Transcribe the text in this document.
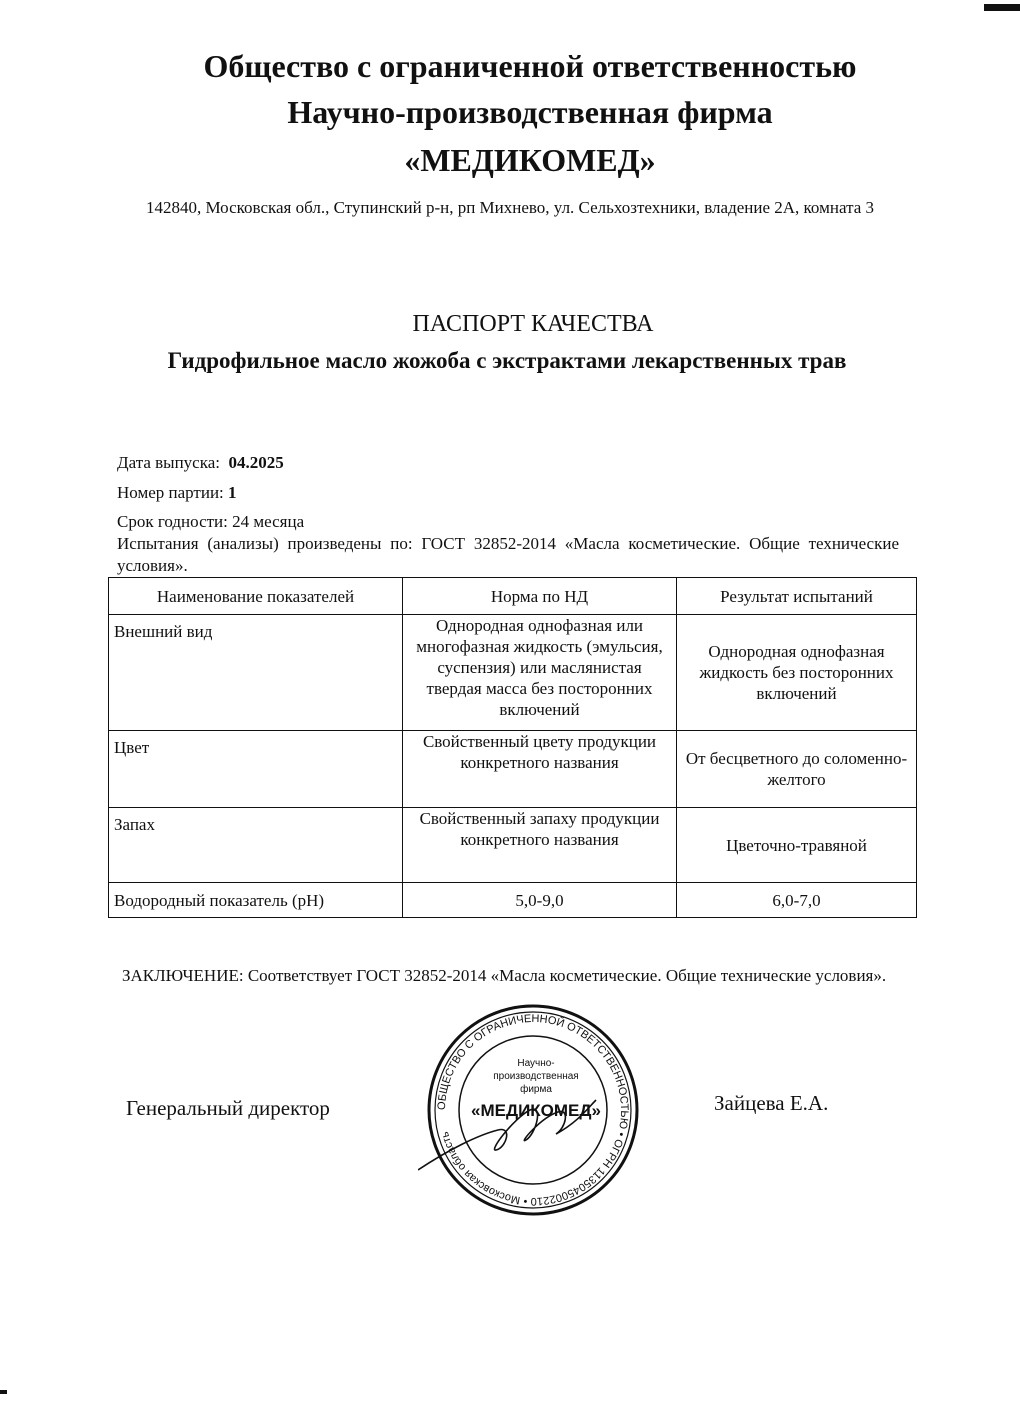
Общество с ограниченной ответственностью
Научно-производственная фирма
«МЕДИКОМЕД»
142840, Московская обл., Ступинский р-н, рп Михнево, ул. Сельхозтехники, владение 2А, комната 3
ПАСПОРТ КАЧЕСТВА
Гидрофильное масло жожоба с экстрактами лекарственных трав
Дата выпуска: 04.2025
Номер партии: 1
Срок годности: 24 месяца
Испытания (анализы) произведены по: ГОСТ 32852-2014 «Масла косметические. Общие технические условия».
Наименование показателей	Норма по НД	Результат испытаний
Внешний вид	Однородная однофазная или многофазная жидкость (эмульсия, суспензия) или маслянистая твердая масса без посторонних включений	Однородная однофазная жидкость без посторонних включений
Цвет	Свойственный цвету продукции конкретного названия	От бесцветного до соломенно-желтого
Запах	Свойственный запаху продукции конкретного названия	Цветочно-травяной
Водородный показатель (pH)	5,0-9,0	6,0-7,0
ЗАКЛЮЧЕНИЕ: Соответствует ГОСТ 32852-2014 «Масла косметические. Общие технические условия».
Генеральный директор	Зайцева Е.А.
ОБЩЕСТВО С ОГРАНИЧЕННОЙ ОТВЕТСТВЕННОСТЬЮ • ОГРН 1135045002210 • Московская область
Научно-
производственная
фирма
«МЕДИКОМЕД»
